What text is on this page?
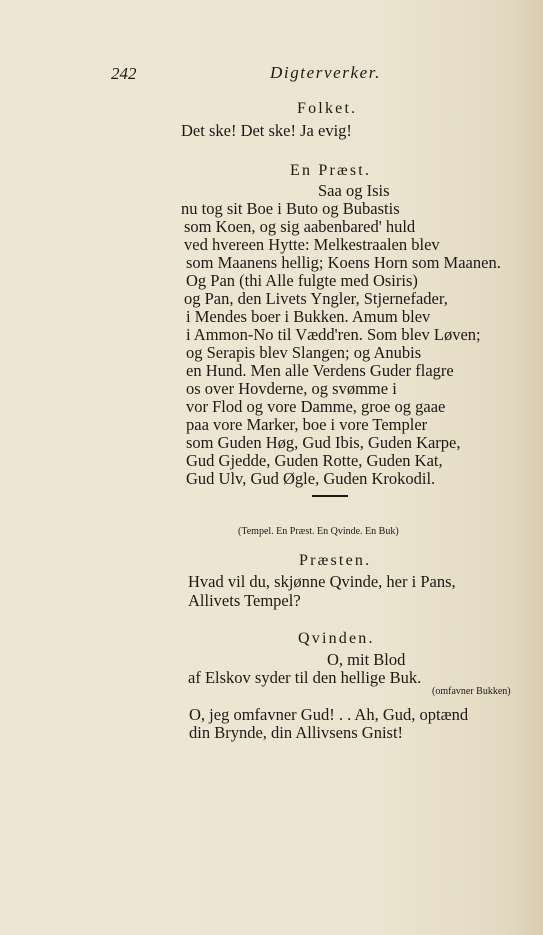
242	Digterverker.
Folket.
Det ske! Det ske! Ja evig!
En Præst.
Saa og Isis
nu tog sit Boe i Buto og Bubastis
som Koen, og sig aabenbared' huld
ved hvereen Hytte: Melkestraalen blev
som Maanens hellig; Koens Horn som Maanen.
Og Pan (thi Alle fulgte med Osiris)
og Pan, den Livets Yngler, Stjernefader,
i Mendes boer i Bukken. Amum blev
i Ammon-No til Vædd'ren. Som blev Løven;
og Serapis blev Slangen; og Anubis
en Hund. Men alle Verdens Guder flagre
os over Hovderne, og svømme i
vor Flod og vore Damme, groe og gaae
paa vore Marker, boe i vore Templer
som Guden Høg, Gud Ibis, Guden Karpe,
Gud Gjedde, Guden Rotte, Guden Kat,
Gud Ulv, Gud Øgle, Guden Krokodil.
(Tempel. En Præst. En Qvinde. En Buk)
Præsten.
Hvad vil du, skjønne Qvinde, her i Pans,
Allivets Tempel?
Qvinden.
O, mit Blod
af Elskov syder til den hellige Buk.
(omfavner Bukken)
O, jeg omfavner Gud! . . Ah, Gud, optænd
din Brynde, din Allivsens Gnist!
